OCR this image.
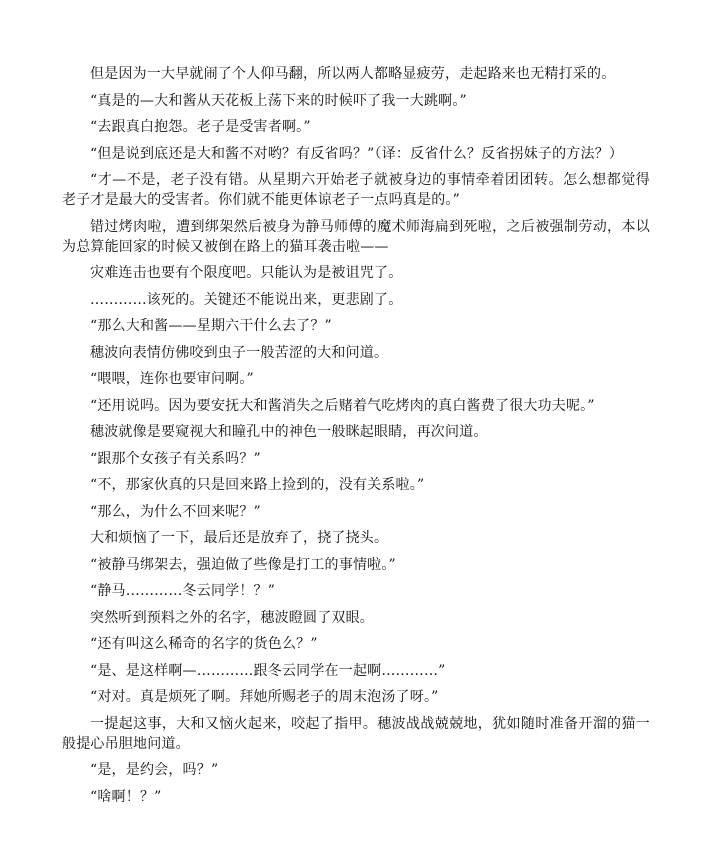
但是因为一大早就闹了个人仰马翻，所以两人都略显疲劳，走起路来也无精打采的。

“真是的—大和酱从天花板上荡下来的时候吓了我一大跳啊。”

“去跟真白抱怨。老子是受害者啊。”

“但是说到底还是大和酱不对哟？有反省吗？”（译：反省什么？反省拐妹子的方法？）

“才—不是，老子没有错。从星期六开始老子就被身边的事情牵着团团转。怎么想都觉得老子才是最大的受害者。你们就不能更体谅老子一点吗真是的。”

错过烤肉啦，遭到绑架然后被身为静马师傅的魔术师海扁到死啦，之后被强制劳动，本以为总算能回家的时候又被倒在路上的猫耳袭击啦——

灾难连击也要有个限度吧。只能认为是被诅咒了。

…………该死的。关键还不能说出来，更悲剧了。

“那么大和酱——星期六干什么去了？”

穗波向表情仿佛咬到虫子一般苦涩的大和问道。

“喂喂，连你也要审问啊。”

“还用说吗。因为要安抚大和酱消失之后赌着气吃烤肉的真白酱费了很大功夫呢。”

穗波就像是要窥视大和瞳孔中的神色一般眯起眼睛，再次问道。

“跟那个女孩子有关系吗？”

“不，那家伙真的只是回来路上捡到的，没有关系啦。”

“那么，为什么不回来呢？”

大和烦恼了一下，最后还是放弃了，挠了挠头。

“被静马绑架去，强迫做了些像是打工的事情啦。”

“静马…………冬云同学！？”

突然听到预料之外的名字，穗波瞪圆了双眼。

“还有叫这么稀奇的名字的货色么？”

“是、是这样啊—…………跟冬云同学在一起啊…………”

“对对。真是烦死了啊。拜她所赐老子的周末泡汤了呀。”

一提起这事，大和又恼火起来，咬起了指甲。穗波战战兢兢地，犹如随时准备开溜的猫一般提心吊胆地问道。

“是，是约会，吗？”

“啥啊！？”
